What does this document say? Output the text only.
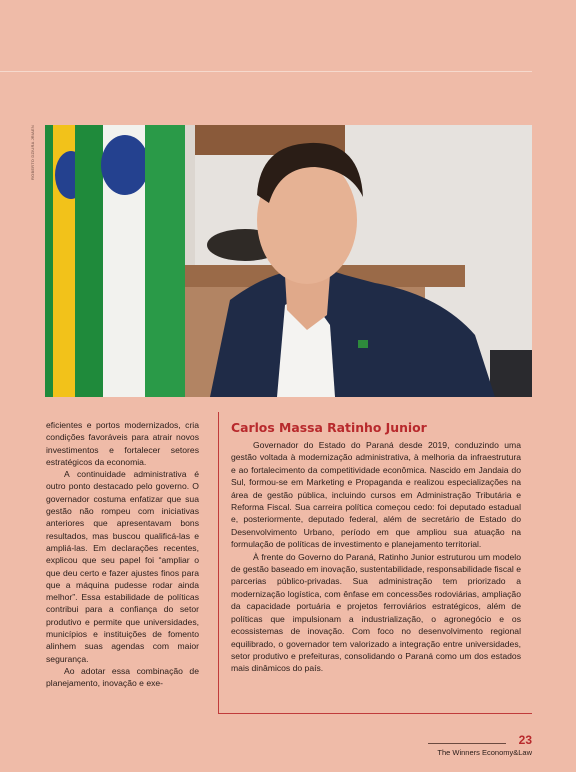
ROBERTO DZIURA JR/AEN

eficientes e portos modernizados, cria condições favoráveis para atrair novos investimentos e fortalecer setores estratégicos da economia.

A continuidade administrativa é outro ponto destacado pelo governo. O governador costuma enfatizar que sua gestão não rompeu com iniciativas anteriores que apresentavam bons resultados, mas buscou qualificá-las e ampliá-las. Em declarações recentes, explicou que seu papel foi “ampliar o que deu certo e fazer ajustes finos para que a máquina pudesse rodar ainda melhor”. Essa estabilidade de políticas contribui para a confiança do setor produtivo e permite que universidades, municípios e instituições de fomento alinhem suas agendas com maior segurança.

Ao adotar essa combinação de planejamento, inovação e exe-

Carlos Massa Ratinho Junior

Governador do Estado do Paraná desde 2019, conduzindo uma gestão voltada à modernização administrativa, à melhoria da infraestrutura e ao fortalecimento da competitividade econômica. Nascido em Jandaia do Sul, formou-se em Marketing e Propaganda e realizou especializações na área de gestão pública, incluindo cursos em Administração Tributária e Reforma Fiscal. Sua carreira política começou cedo: foi deputado estadual e, posteriormente, deputado federal, além de secretário de Estado do Desenvolvimento Urbano, período em que ampliou sua atuação na formulação de políticas de investimento e planejamento territorial.

À frente do Governo do Paraná, Ratinho Junior estruturou um modelo de gestão baseado em inovação, sustentabilidade, responsabilidade fiscal e parcerias público-privadas. Sua administração tem priorizado a modernização logística, com ênfase em concessões rodoviárias, ampliação da capacidade portuária e projetos ferroviários estratégicos, além de políticas que impulsionam a industrialização, o agronegócio e os ecossistemas de inovação. Com foco no desenvolvimento regional equilibrado, o governador tem valorizado a integração entre universidades, setor produtivo e prefeituras, consolidando o Paraná como um dos estados mais dinâmicos do país.

23
The Winners Economy&Law
